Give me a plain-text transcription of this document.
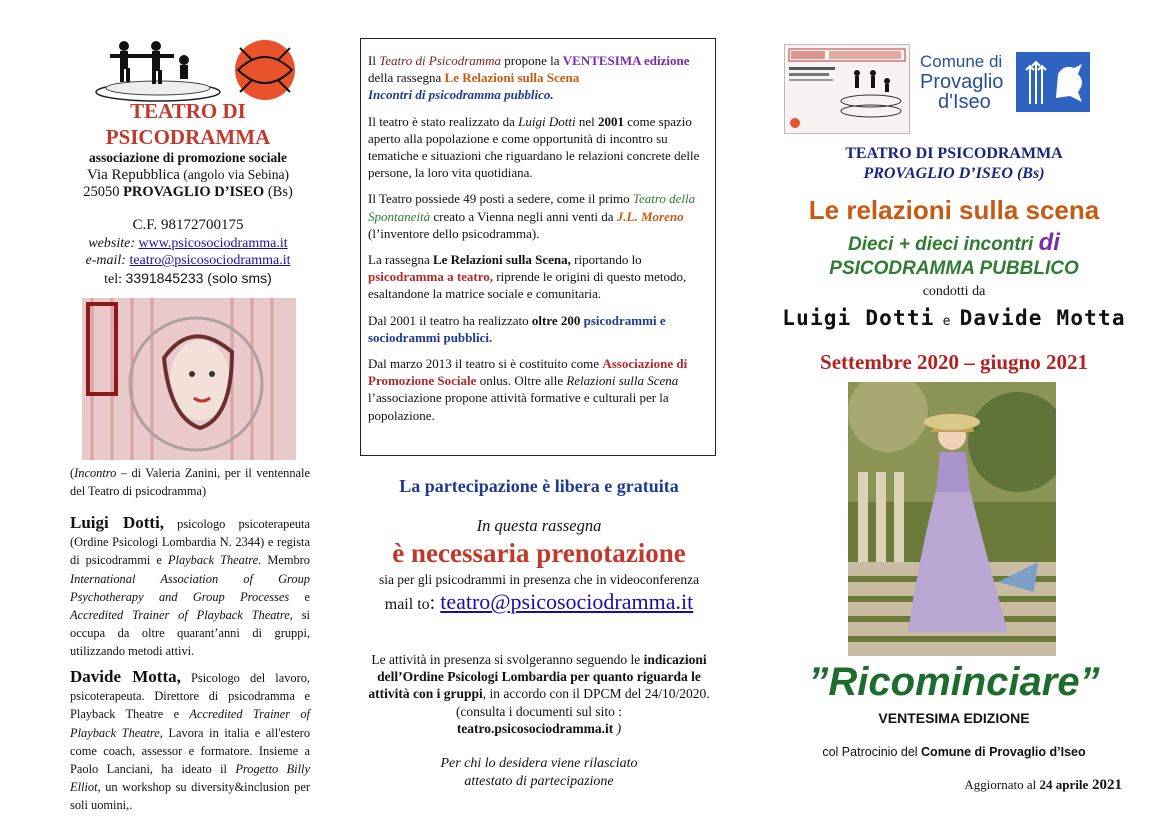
TEATRO DI
PSICODRAMMA
associazione di promozione sociale
Via Repubblica (angolo via Sebina)
25050 PROVAGLIO D’ISEO (Bs)
C.F. 98172700175
website: www.psicosociodramma.it
e-mail: teatro@psicosociodramma.it
tel: 3391845233 (solo sms)
(Incontro – di Valeria Zanini, per il ventennale del Teatro di psicodramma)
Luigi Dotti, psicologo psicoterapeuta (Ordine Psicologi Lombardia N. 2344) e regista di psicodrammi e Playback Theatre. Membro International Association of Group Psychotherapy and Group Processes e Accredited Trainer of Playback Theatre, si occupa da oltre quarant’anni di gruppi, utilizzando metodi attivi.
Davide Motta, Psicologo del lavoro, psicoterapeuta. Direttore di psicodramma e Playback Theatre e Accredited Trainer of Playback Theatre, Lavora in italia e all'estero come coach, assessor e formatore. Insieme a Paolo Lanciani, ha ideato il Progetto Billy Elliot, un workshop su diversity&inclusion per soli uomini,.

Il Teatro di Psicodramma propone la VENTESIMA edizione della rassegna Le Relazioni sulla Scena
Incontri di psicodramma pubblico.

Il teatro è stato realizzato da Luigi Dotti nel 2001 come spazio aperto alla popolazione e come opportunità di incontro su tematiche e situazioni che riguardano le relazioni concrete delle persone, la loro vita quotidiana.

Il Teatro possiede 49 posti a sedere, come il primo Teatro della Spontaneità creato a Vienna negli anni venti da J.L. Moreno (l’inventore dello psicodramma).

La rassegna Le Relazioni sulla Scena, riportando lo psicodramma a teatro, riprende le origini di questo metodo, esaltandone la matrice sociale e comunitaria.

Dal 2001 il teatro ha realizzato oltre 200 psicodrammi e sociodrammi pubblici.

Dal marzo 2013 il teatro si è costituito come Associazione di Promozione Sociale onlus. Oltre alle Relazioni sulla Scena l’associazione propone attività formative e culturali per la popolazione.

La partecipazione è libera e gratuita
In questa rassegna
è necessaria prenotazione
sia per gli psicodrammi in presenza che in videoconferenza
mail to: teatro@psicosociodramma.it
Le attività in presenza si svolgeranno seguendo le indicazioni dell’Ordine Psicologi Lombardia per quanto riguarda le attività con i gruppi, in accordo con il DPCM del 24/10/2020. (consulta i documenti sul sito :
teatro.psicosociodramma.it )
Per chi lo desidera viene rilasciato
attestato di partecipazione
Comune di
Provaglio
d'Iseo
TEATRO DI PSICODRAMMA
PROVAGLIO D’ISEO (Bs)
Le relazioni sulla scena
Dieci + dieci incontri di
PSICODRAMMA PUBBLICO
condotti da
Luigi Dotti e Davide Motta
Settembre 2020 – giugno 2021
”Ricominciare”
VENTESIMA EDIZIONE
col Patrocinio del Comune di Provaglio d’Iseo
Aggiornato al 24 aprile 2021
